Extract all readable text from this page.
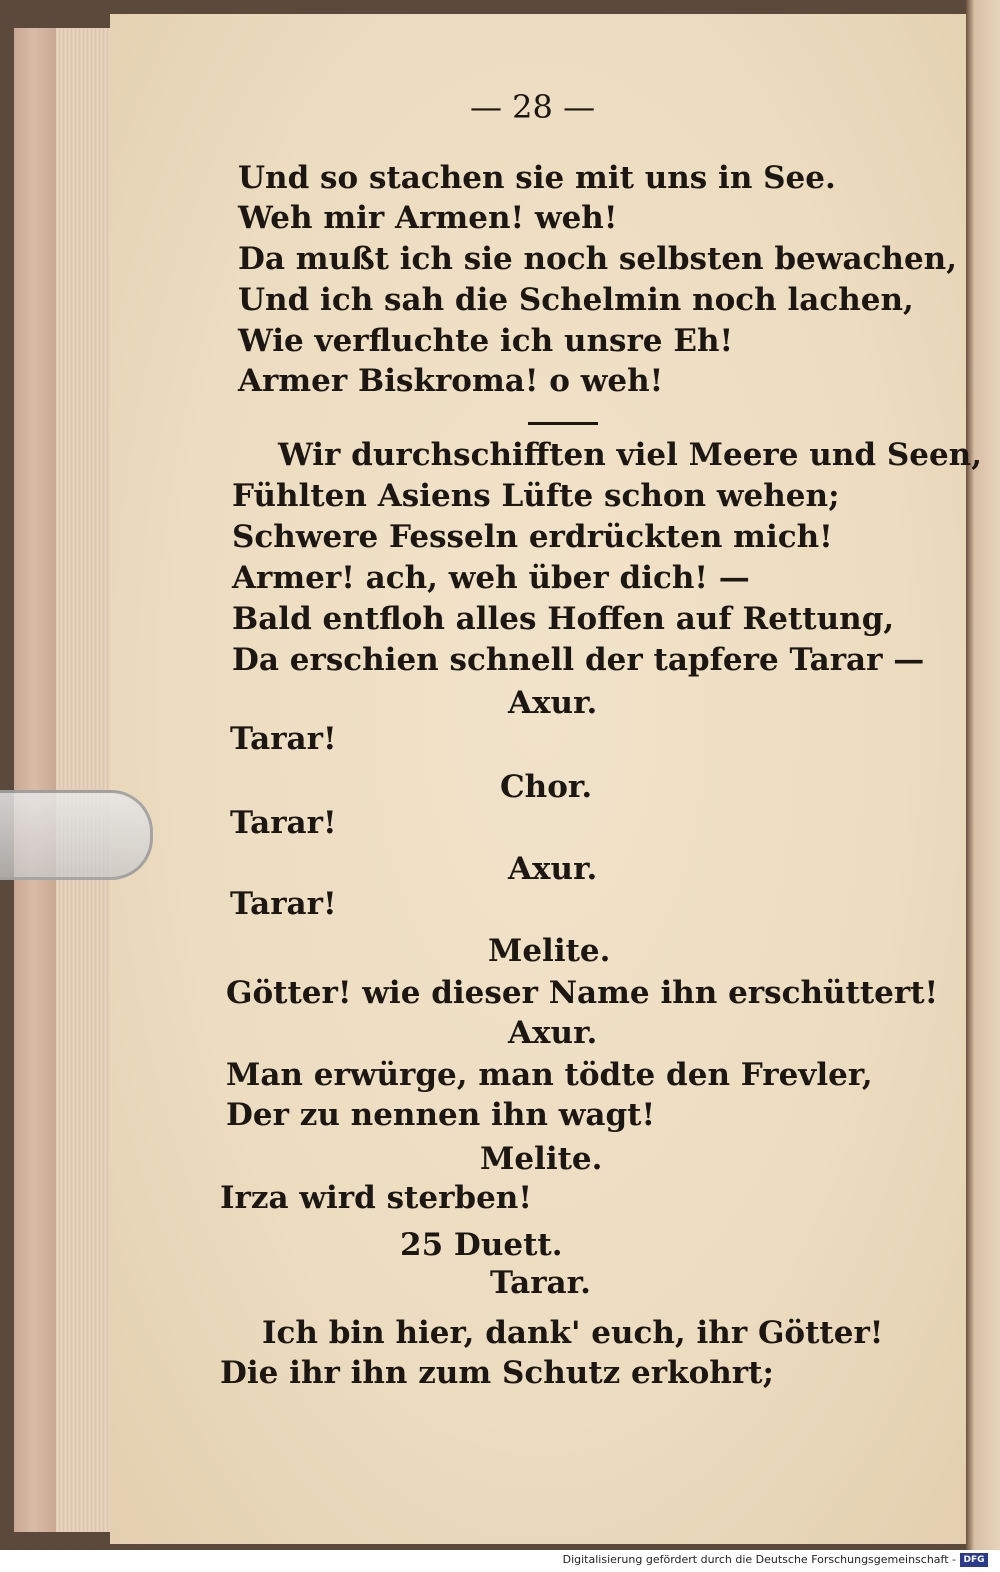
— 28 —
Und so stachen sie mit uns in See.
Weh mir Armen! weh!
Da mußt ich sie noch selbsten bewachen,
Und ich sah die Schelmin noch lachen,
Wie verfluchte ich unsre Eh!
Armer Biskroma! o weh!
Wir durchschifften viel Meere und Seen,
Fühlten Asiens Lüfte schon wehen;
Schwere Fesseln erdrückten mich!
Armer! ach, weh über dich! —
Bald entfloh alles Hoffen auf Rettung,
Da erschien schnell der tapfere Tarar —
Axur.
Tarar!
Chor.
Tarar!
Axur.
Tarar!
Melite.
Götter! wie dieser Name ihn erschüttert!
Axur.
Man erwürge, man tödte den Frevler,
Der zu nennen ihn wagt!
Melite.
Irza wird sterben!
25 Duett.
Tarar.
Ich bin hier, dank' euch, ihr Götter!
Die ihr ihn zum Schutz erkohrt;
Digitalisierung gefördert durch die Deutsche Forschungsgemeinschaft - DFG
